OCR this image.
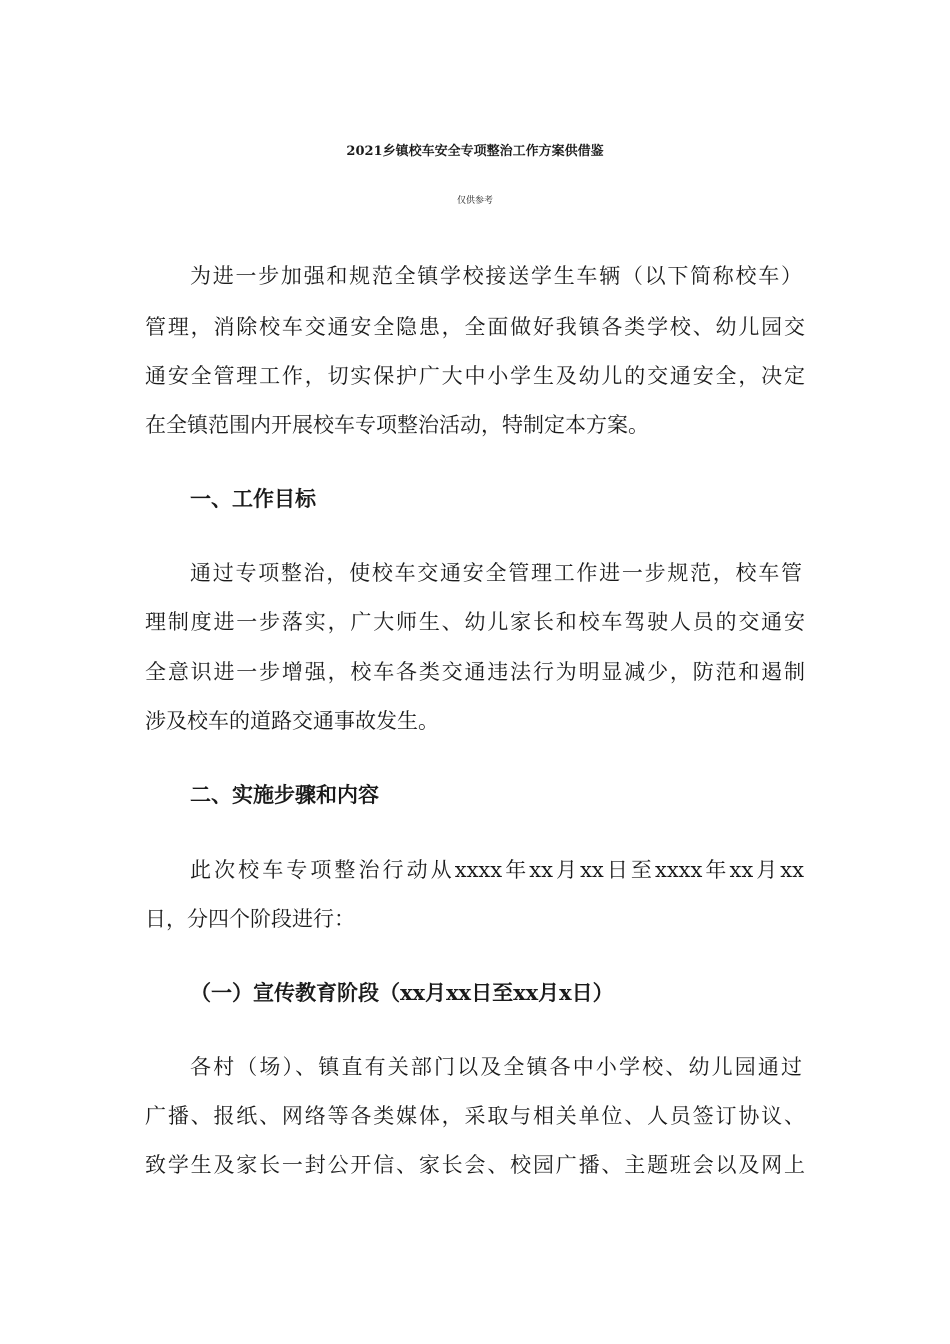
2021乡镇校车安全专项整治工作方案供借鉴
仅供参考
为进一步加强和规范全镇学校接送学生车辆（以下简称校车）
管理，消除校车交通安全隐患，全面做好我镇各类学校、幼儿园交
通安全管理工作，切实保护广大中小学生及幼儿的交通安全，决定
在全镇范围内开展校车专项整治活动，特制定本方案。
一、工作目标
通过专项整治，使校车交通安全管理工作进一步规范，校车管
理制度进一步落实，广大师生、幼儿家长和校车驾驶人员的交通安
全意识进一步增强，校车各类交通违法行为明显减少，防范和遏制
涉及校车的道路交通事故发生。
二、实施步骤和内容
此次校车专项整治行动从xxxx年xx月xx日至xxxx年xx月xx
日，分四个阶段进行：
（一）宣传教育阶段（xx月xx日至xx月x日）
各村（场）、镇直有关部门以及全镇各中小学校、幼儿园通过
广播、报纸、网络等各类媒体，采取与相关单位、人员签订协议、
致学生及家长一封公开信、家长会、校园广播、主题班会以及网上
